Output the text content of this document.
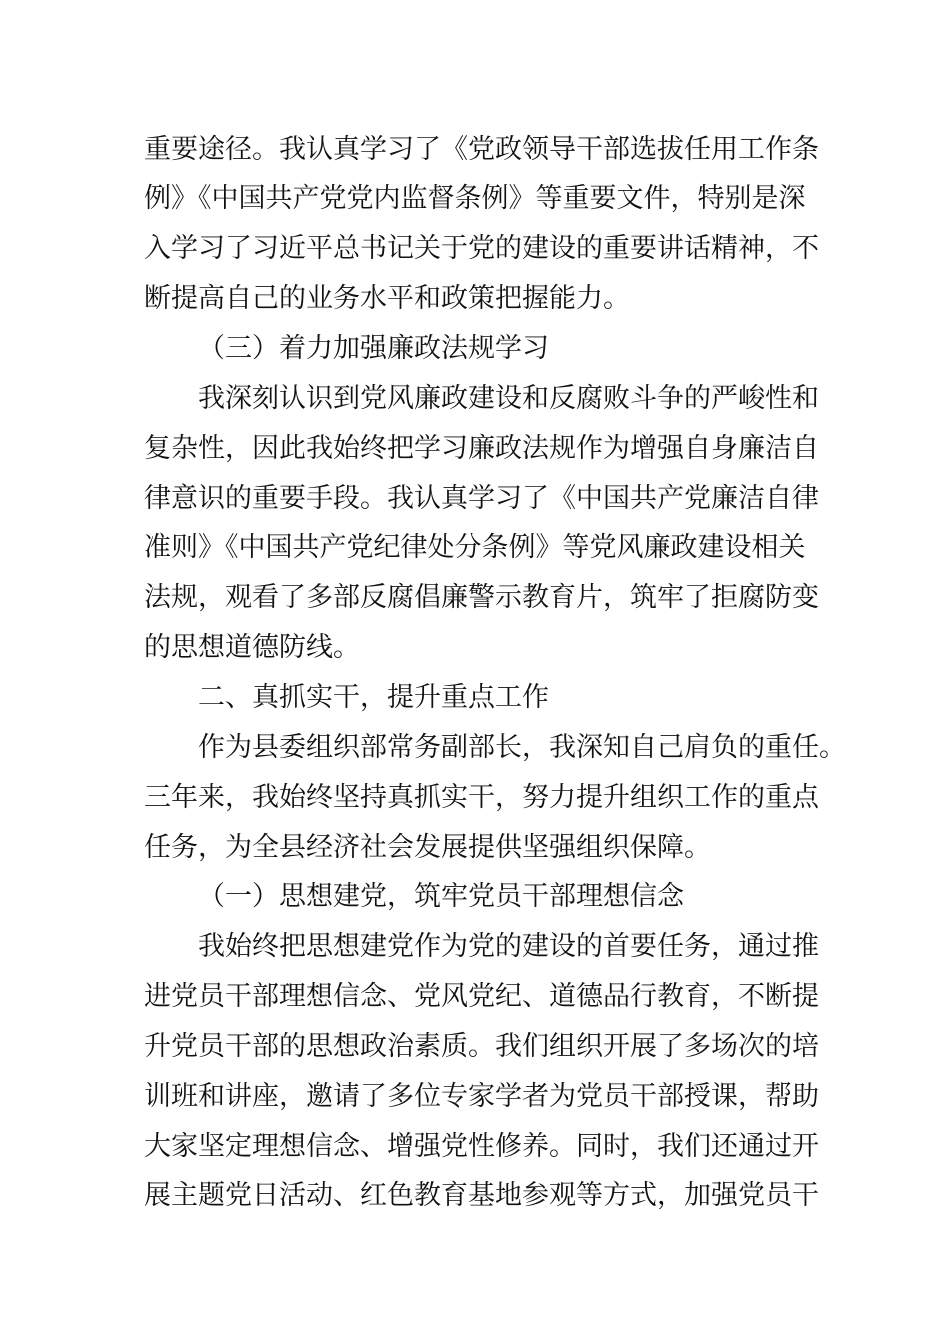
重要途径。我认真学习了《党政领导干部选拔任用工作条

例》《中国共产党党内监督条例》等重要文件，特别是深

入学习了习近平总书记关于党的建设的重要讲话精神，不

断提高自己的业务水平和政策把握能力。

（三）着力加强廉政法规学习

我深刻认识到党风廉政建设和反腐败斗争的严峻性和

复杂性，因此我始终把学习廉政法规作为增强自身廉洁自

律意识的重要手段。我认真学习了《中国共产党廉洁自律

准则》《中国共产党纪律处分条例》等党风廉政建设相关

法规，观看了多部反腐倡廉警示教育片，筑牢了拒腐防变

的思想道德防线。

二、真抓实干，提升重点工作

作为县委组织部常务副部长，我深知自己肩负的重任。

三年来，我始终坚持真抓实干，努力提升组织工作的重点

任务，为全县经济社会发展提供坚强组织保障。

（一）思想建党，筑牢党员干部理想信念

我始终把思想建党作为党的建设的首要任务，通过推

进党员干部理想信念、党风党纪、道德品行教育，不断提

升党员干部的思想政治素质。我们组织开展了多场次的培

训班和讲座，邀请了多位专家学者为党员干部授课，帮助

大家坚定理想信念、增强党性修养。同时，我们还通过开

展主题党日活动、红色教育基地参观等方式，加强党员干
